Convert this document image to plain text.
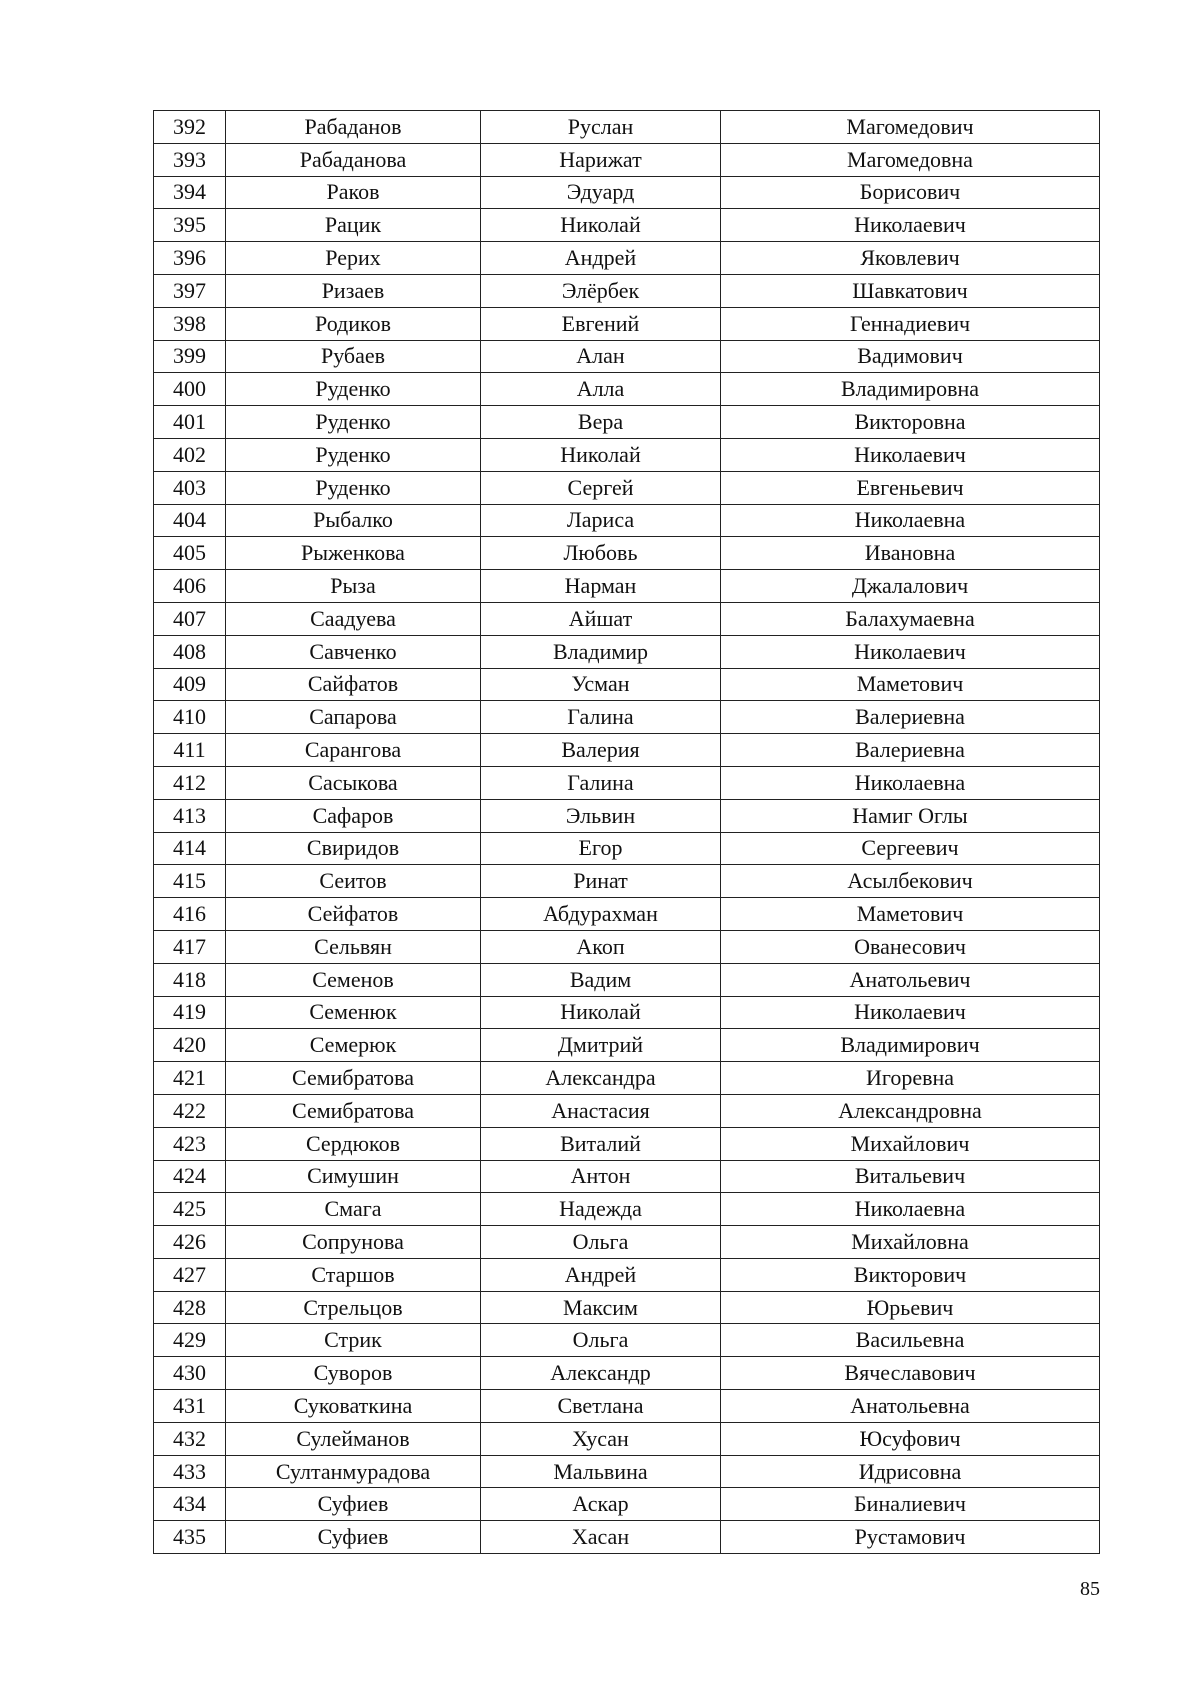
392	Рабаданов	Руслан	Магомедович
393	Рабаданова	Нарижат	Магомедовна
394	Раков	Эдуард	Борисович
395	Рацик	Николай	Николаевич
396	Рерих	Андрей	Яковлевич
397	Ризаев	Элёрбек	Шавкатович
398	Родиков	Евгений	Геннадиевич
399	Рубаев	Алан	Вадимович
400	Руденко	Алла	Владимировна
401	Руденко	Вера	Викторовна
402	Руденко	Николай	Николаевич
403	Руденко	Сергей	Евгеньевич
404	Рыбалко	Лариса	Николаевна
405	Рыженкова	Любовь	Ивановна
406	Рыза	Нарман	Джалалович
407	Саадуева	Айшат	Балахумаевна
408	Савченко	Владимир	Николаевич
409	Сайфатов	Усман	Маметович
410	Сапарова	Галина	Валериевна
411	Сарангова	Валерия	Валериевна
412	Сасыкова	Галина	Николаевна
413	Сафаров	Эльвин	Намиг Оглы
414	Свиридов	Егор	Сергеевич
415	Сеитов	Ринат	Асылбекович
416	Сейфатов	Абдурахман	Маметович
417	Сельвян	Акоп	Ованесович
418	Семенов	Вадим	Анатольевич
419	Семенюк	Николай	Николаевич
420	Семерюк	Дмитрий	Владимирович
421	Семибратова	Александра	Игоревна
422	Семибратова	Анастасия	Александровна
423	Сердюков	Виталий	Михайлович
424	Симушин	Антон	Витальевич
425	Смага	Надежда	Николаевна
426	Сопрунова	Ольга	Михайловна
427	Старшов	Андрей	Викторович
428	Стрельцов	Максим	Юрьевич
429	Стрик	Ольга	Васильевна
430	Суворов	Александр	Вячеславович
431	Суковаткина	Светлана	Анатольевна
432	Сулейманов	Хусан	Юсуфович
433	Султанмурадова	Мальвина	Идрисовна
434	Суфиев	Аскар	Биналиевич
435	Суфиев	Хасан	Рустамович
85
